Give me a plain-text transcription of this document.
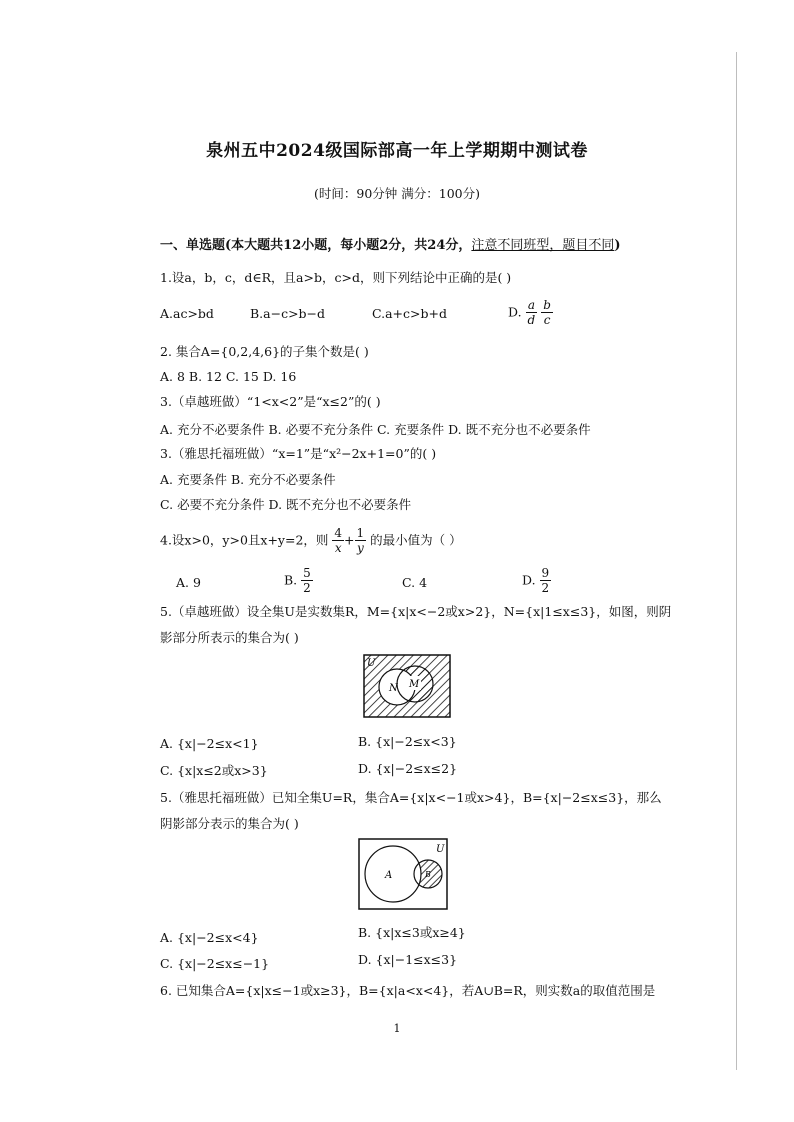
泉州五中2024级国际部高一年上学期期中测试卷
(时间：90分钟 满分：100分)
一、单选题(本大题共12小题，每小题2分，共24分，注意不同班型，题目不同)
1.设a，b，c，d∈R，且a>b，c>d，则下列结论中正确的是( )
A.ac>bd	B.a−c>b−d	C.a+c>b+d	D. $\frac{a}{d}$
$\frac{b}{c}$
2. 集合A={0,2,4,6}的子集个数是( )
A. 8 B. 12 C. 15 D. 16
3.（卓越班做）“1<x<2”是“x≤2”的( )
A. 充分不必要条件 B. 必要不充分条件 C. 充要条件 D. 既不充分也不必要条件
3.（雅思托福班做）“x=1”是“x²−2x+1=0”的( )
A. 充要条件 B. 充分不必要条件
C. 必要不充分条件 D. 既不充分也不必要条件
4.设x>0，y>0且x+y=2，则 $\frac{4}{x} + \frac{1}{y}$ 的最小值为（ ）
A. 9	B. $\frac{5}{2}$	C. 4	D. $\frac{9}{2}$
5.（卓越班做）设全集U是实数集R，M={x|x<−2或x>2}，N={x|1≤x≤3}，如图，则阴
影部分所表示的集合为( )
U
N M
A. {x|−2≤x<1}	B. {x|−2≤x<3}
C. {x|x≤2或x>3}	D. {x|−2≤x≤2}
5.（雅思托福班做）已知全集U=R，集合A={x|x<−1或x>4}，B={x|−2≤x≤3}，那么
阴影部分表示的集合为( )
U
A	B
A. {x|−2≤x<4}	B. {x|x≤3或x≥4}
C. {x|−2≤x≤−1}	D. {x|−1≤x≤3}
6. 已知集合A={x|x≤−1或x≥3}，B={x|a<x<4}，若A∪B=R，则实数a的取值范围是
1
